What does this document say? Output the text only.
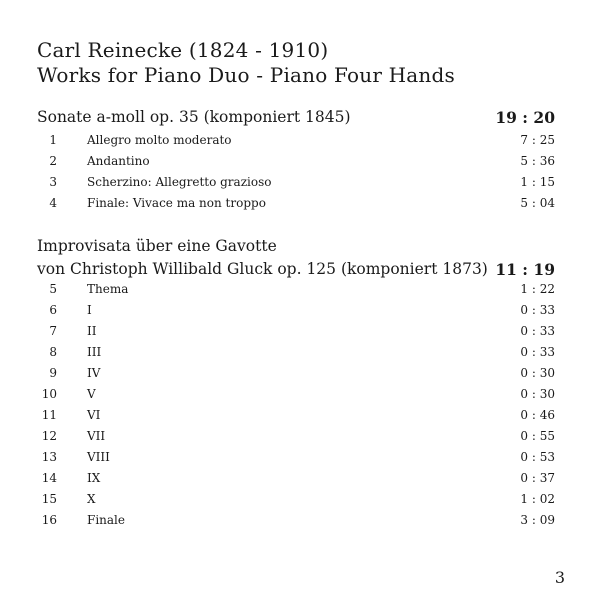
Carl Reinecke (1824 - 1910)
Works for Piano Duo - Piano Four Hands
Sonate a-moll op. 35 (komponiert 1845)	19 : 20
1	Allegro molto moderato	7 : 25
2	Andantino	5 : 36
3	Scherzino: Allegretto grazioso	1 : 15
4	Finale: Vivace ma non troppo	5 : 04
Improvisata über eine Gavotte
von Christoph Willibald Gluck op. 125 (komponiert 1873) 11 : 19
5	Thema	1 : 22
6	I	0 : 33
7	II	0 : 33
8	III	0 : 33
9	IV	0 : 30
10	V	0 : 30
11	VI	0 : 46
12	VII	0 : 55
13	VIII	0 : 53
14	IX	0 : 37
15	X	1 : 02
16	Finale	3 : 09
3
